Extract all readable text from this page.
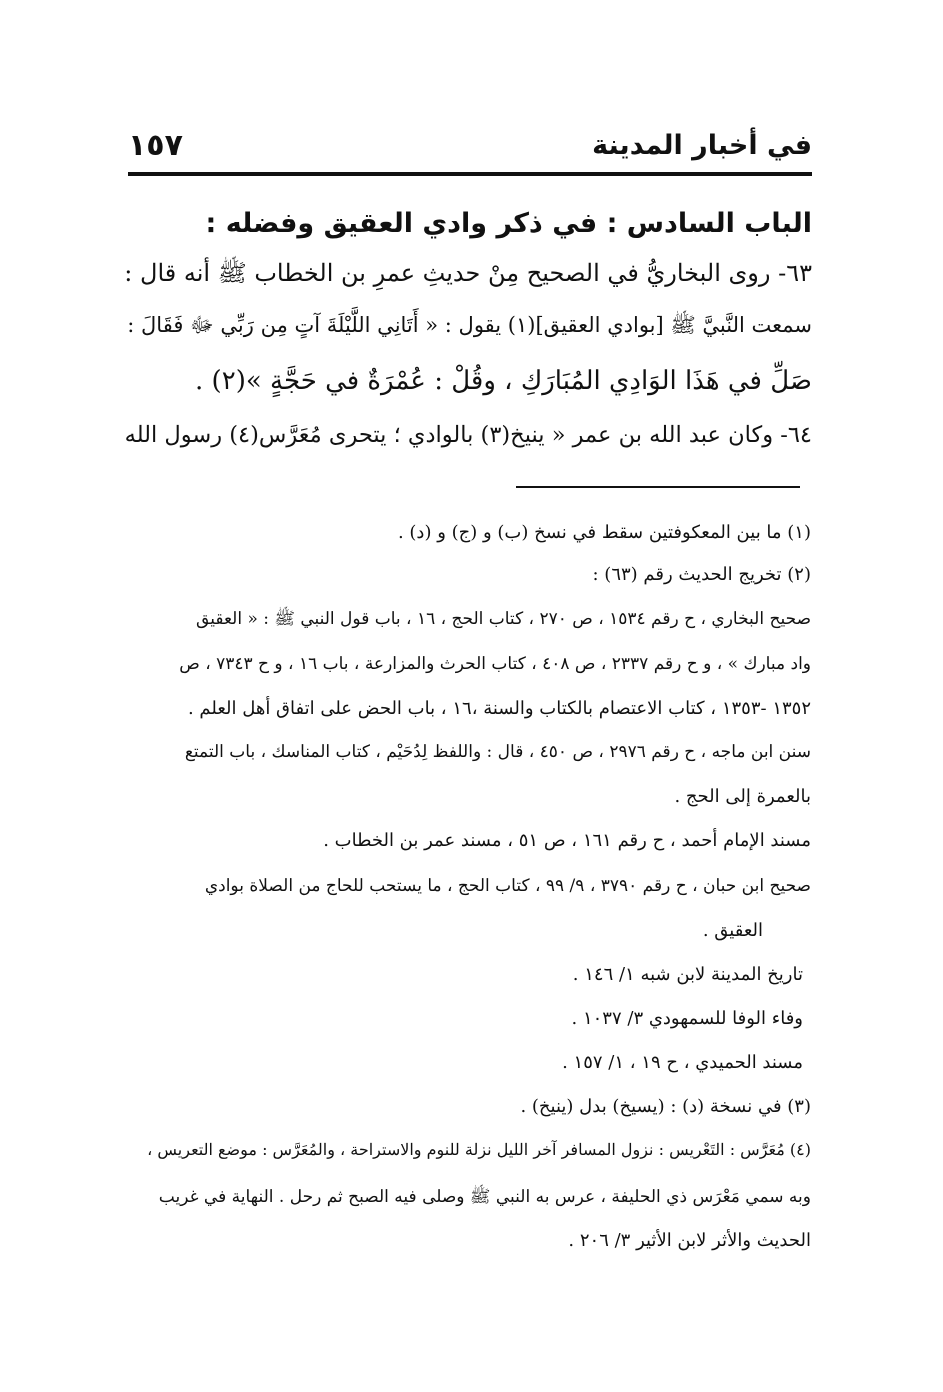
في أخبار المدينة
١٥٧
الباب السادس : في ذكر وادي العقيق وفضله :
٦٣- روى البخاريُّ في الصحيح مِنْ حديثِ عمرِ بن الخطاب ﷺ أنه قال :
سمعت النَّبيَّ ﷺ [بوادي العقيق](١) يقول : « أَتَانِي اللَّيْلَةَ آتٍ مِن رَبِّي ﷻ فَقَالَ :
صَلِّ في هَذَا الوَادِي المُبَارَكِ ، وقُلْ : عُمْرَةٌ في حَجَّةٍ »(٢) .
٦٤- وكان عبد الله بن عمر « ينيخ(٣) بالوادي ؛ يتحرى مُعَرَّس(٤) رسول الله
(١) ما بين المعكوفتين سقط في نسخ (ب) و (ج) و (د) .
(٢) تخريج الحديث رقم (٦٣) :
صحيح البخاري ، ح رقم ١٥٣٤ ، ص ٢٧٠ ، كتاب الحج ، ١٦ ، باب قول النبي ﷺ : « العقيق
واد مبارك » ، و ح رقم ٢٣٣٧ ، ص ٤٠٨ ، كتاب الحرث والمزارعة ، باب ١٦ ، و ح ٧٣٤٣ ، ص
١٣٥٢ -١٣٥٣ ، كتاب الاعتصام بالكتاب والسنة ،١٦ ، باب الحض على اتفاق أهل العلم .
سنن ابن ماجه ، ح رقم ٢٩٧٦ ، ص ٤٥٠ ، قال : واللفظ لِدُحَيْم ، كتاب المناسك ، باب التمتع
بالعمرة إلى الحج .
مسند الإمام أحمد ، ح رقم ١٦١ ، ص ٥١ ، مسند عمر بن الخطاب .
صحيح ابن حبان ، ح رقم ٣٧٩٠ ، ٩/ ٩٩ ، كتاب الحج ، ما يستحب للحاج من الصلاة بوادي
العقيق .
تاريخ المدينة لابن شبه ١/ ١٤٦ .
وفاء الوفا للسمهودي ٣/ ١٠٣٧ .
مسند الحميدي ، ح ١٩ ، ١/ ١٥٧ .
(٣) في نسخة (د) : (يسيخ) بدل (ينيخ) .
(٤) مُعَرَّس : التَعْريس : نزول المسافر آخر الليل نزلة للنوم والاستراحة ، والمُعَرَّس : موضع التعريس ،
وبه سمي مَعْرَس ذي الحليفة ، عرس به النبي ﷺ وصلى فيه الصبح ثم رحل . النهاية في غريب
الحديث والأثر لابن الأثير ٣/ ٢٠٦ .
